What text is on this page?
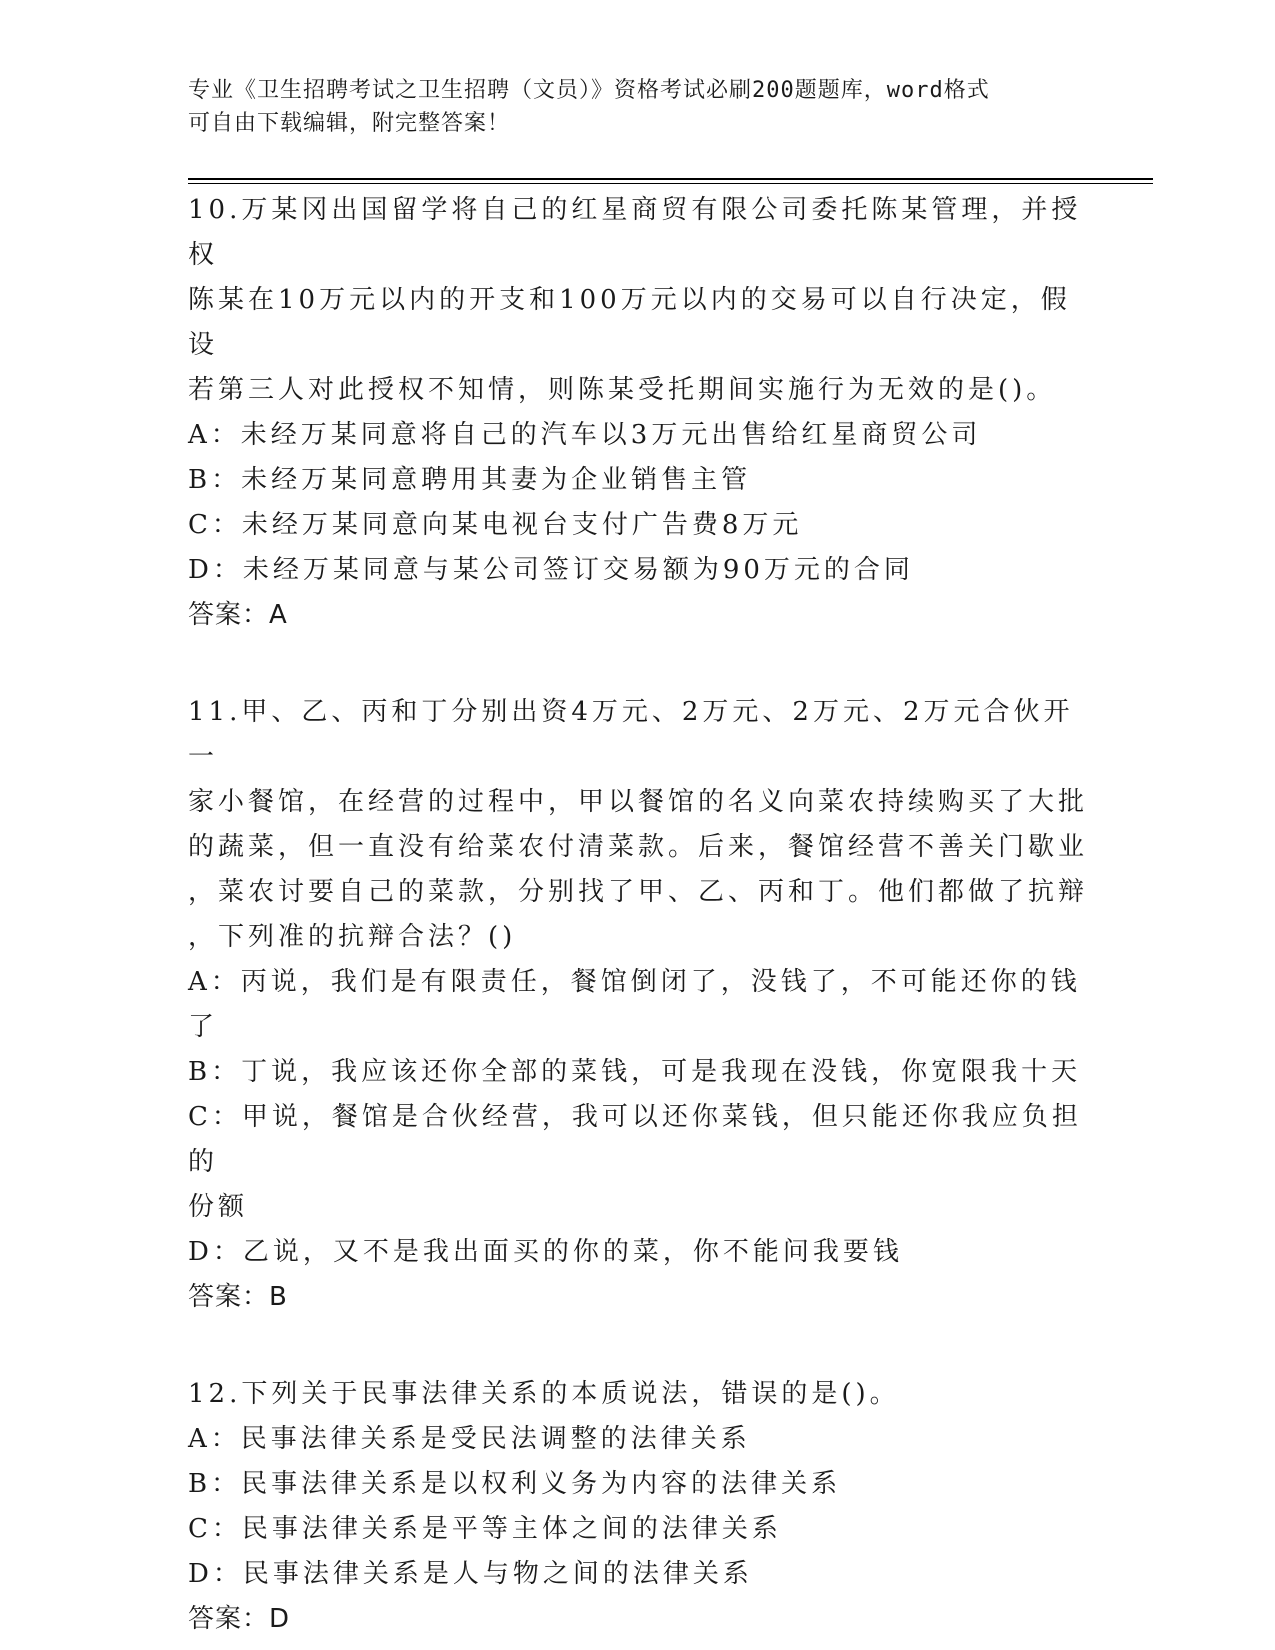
专业《卫生招聘考试之卫生招聘（文员）》资格考试必刷200题题库，word格式
可自由下载编辑，附完整答案！
10.万某冈出国留学将自己的红星商贸有限公司委托陈某管理，并授权
陈某在10万元以内的开支和100万元以内的交易可以自行决定，假设
若第三人对此授权不知情，则陈某受托期间实施行为无效的是()。
A：未经万某同意将自己的汽车以3万元出售给红星商贸公司
B：未经万某同意聘用其妻为企业销售主管
C：未经万某同意向某电视台支付广告费8万元
D：未经万某同意与某公司签订交易额为90万元的合同
答案：A
11.甲、乙、丙和丁分别出资4万元、2万元、2万元、2万元合伙开一
家小餐馆，在经营的过程中，甲以餐馆的名义向菜农持续购买了大批
的蔬菜，但一直没有给菜农付清菜款。后来，餐馆经营不善关门歇业
，菜农讨要自己的菜款，分别找了甲、乙、丙和丁。他们都做了抗辩
，下列准的抗辩合法？()
A：丙说，我们是有限责任，餐馆倒闭了，没钱了，不可能还你的钱了
B：丁说，我应该还你全部的菜钱，可是我现在没钱，你宽限我十天
C：甲说，餐馆是合伙经营，我可以还你菜钱，但只能还你我应负担的
份额
D：乙说，又不是我出面买的你的菜，你不能问我要钱
答案：B
12.下列关于民事法律关系的本质说法，错误的是()。
A：民事法律关系是受民法调整的法律关系
B：民事法律关系是以权利义务为内容的法律关系
C：民事法律关系是平等主体之间的法律关系
D：民事法律关系是人与物之间的法律关系
答案：D
